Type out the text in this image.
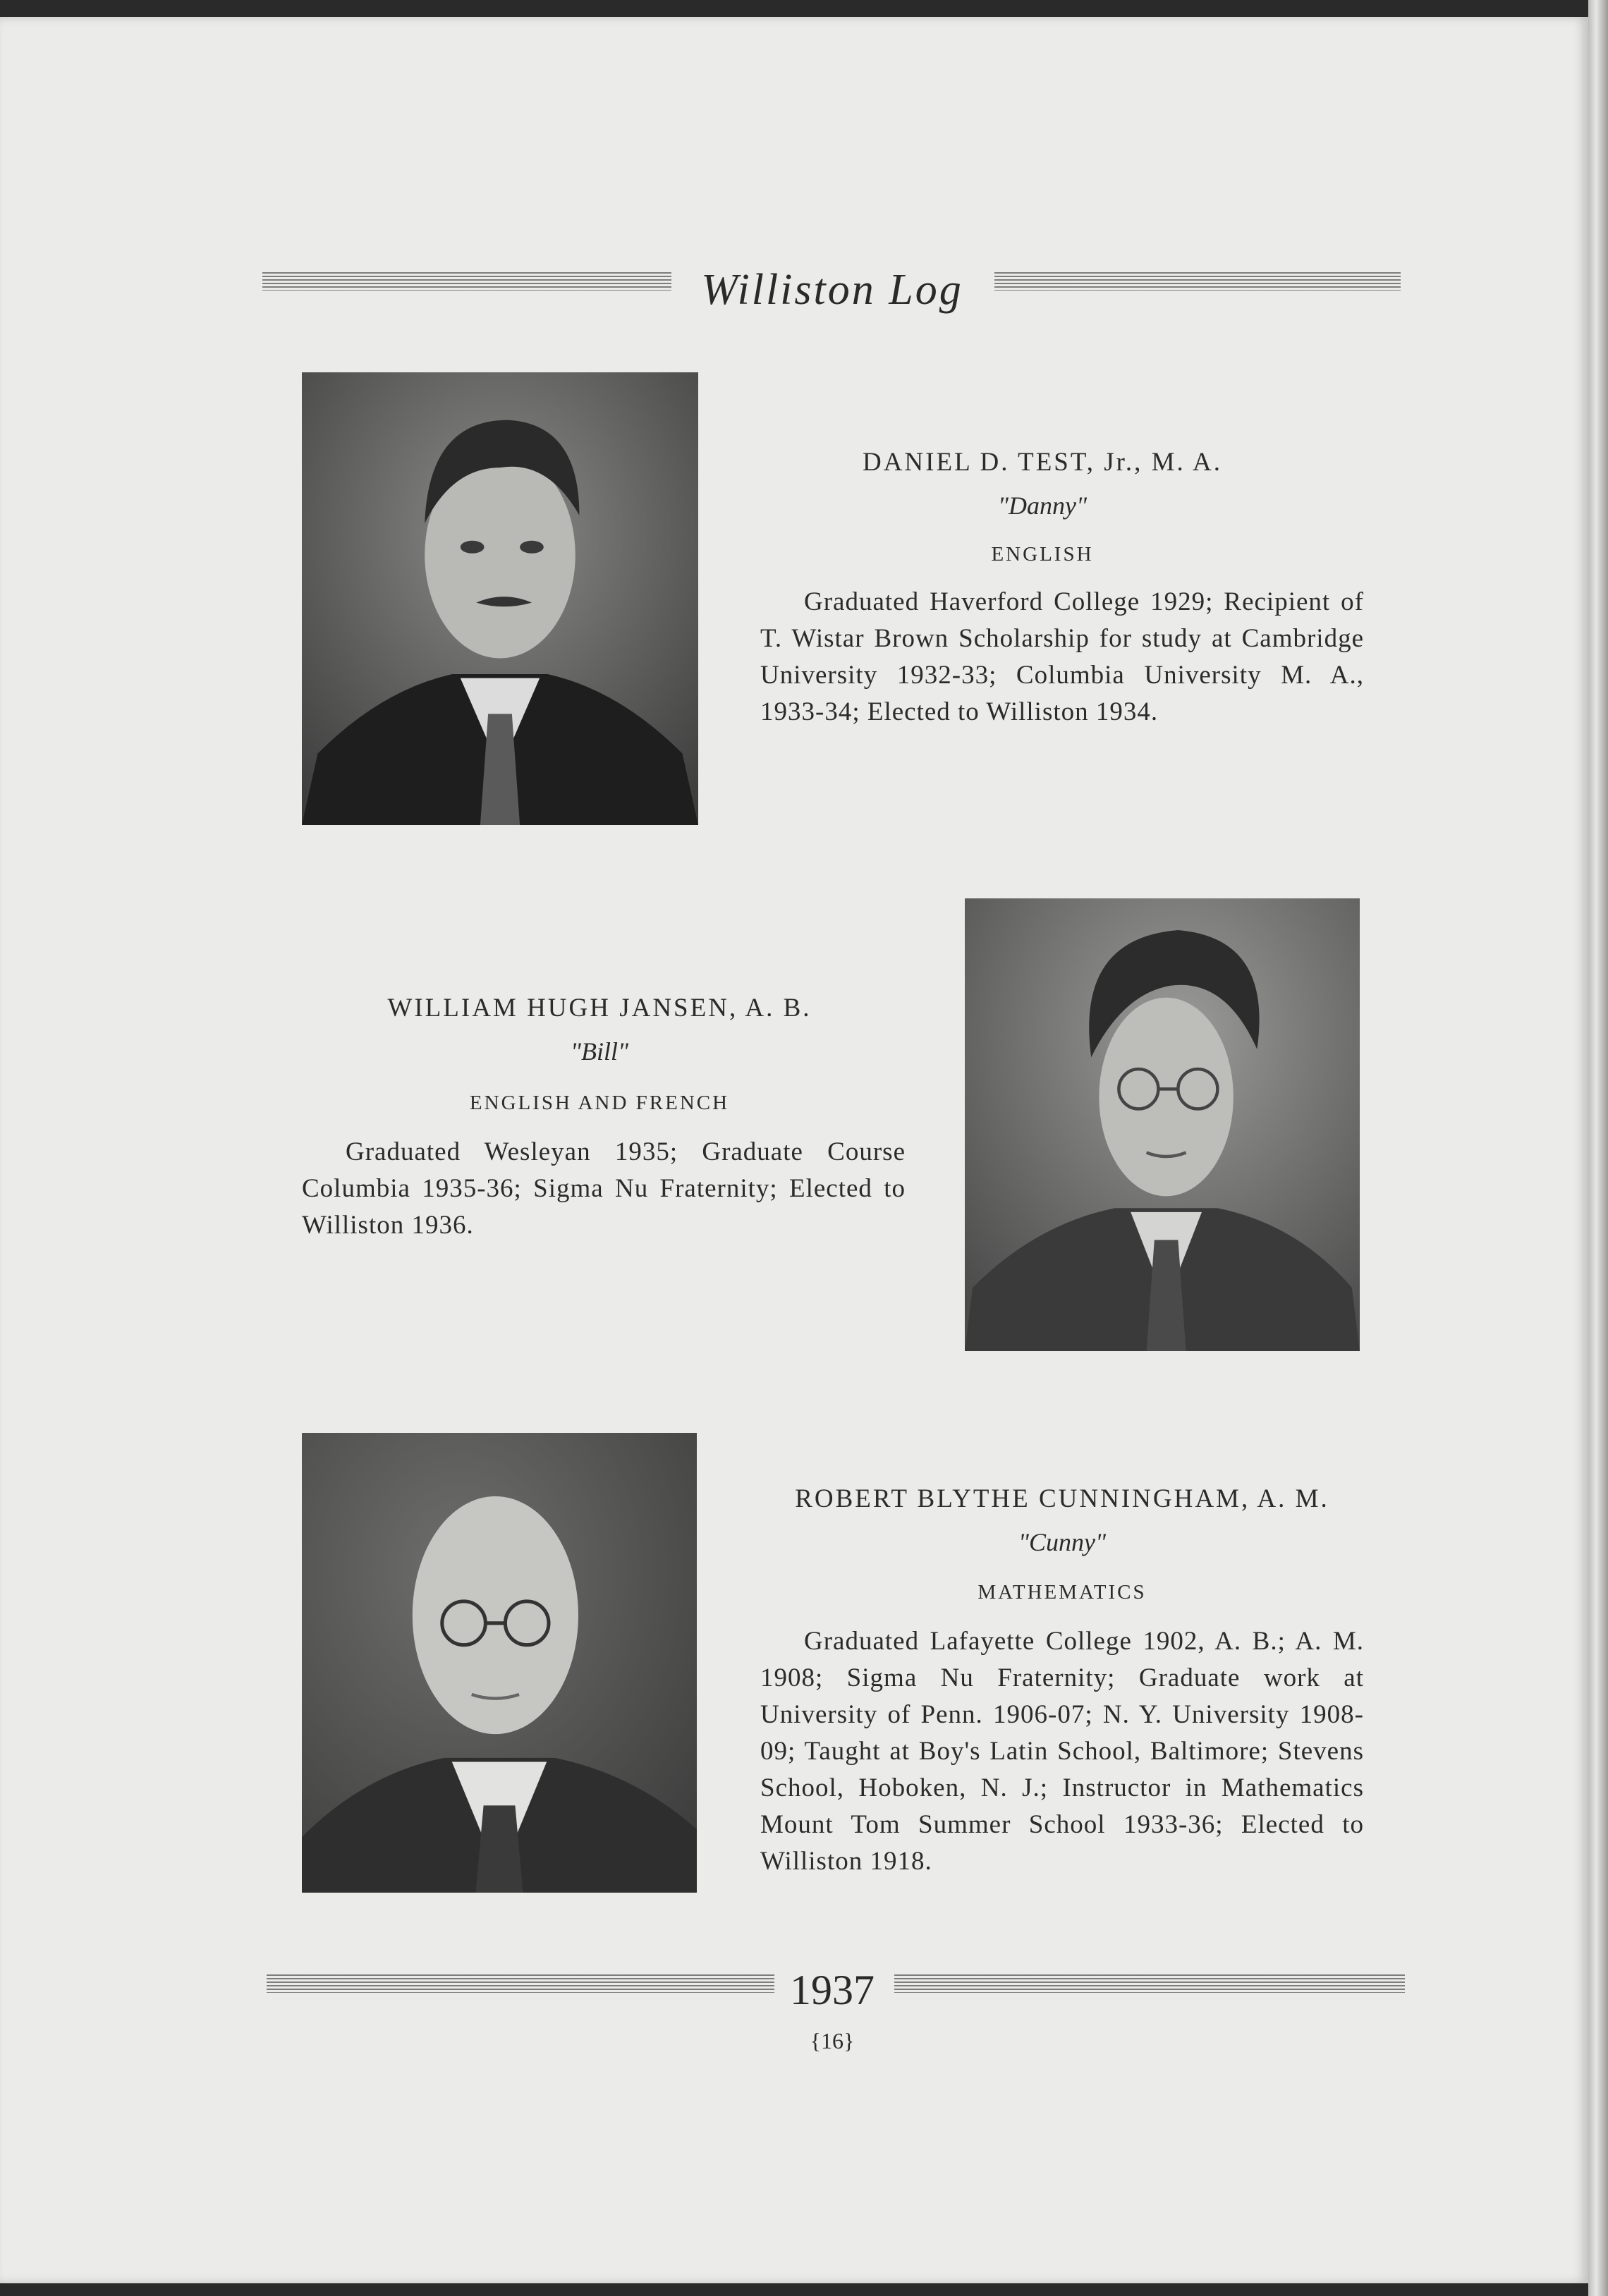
Williston Log
DANIEL D. TEST, Jr., M. A.
"Danny"
ENGLISH
Graduated Haverford College 1929; Recipient of T. Wistar Brown Scholarship for study at Cambridge University 1932-33; Columbia University M. A., 1933-34; Elected to Williston 1934.
WILLIAM HUGH JANSEN, A. B.
"Bill"
ENGLISH AND FRENCH
Graduated Wesleyan 1935; Graduate Course Columbia 1935-36; Sigma Nu Fraternity; Elected to Williston 1936.
ROBERT BLYTHE CUNNINGHAM, A. M.
"Cunny"
MATHEMATICS
Graduated Lafayette College 1902, A. B.; A. M. 1908; Sigma Nu Fraternity; Graduate work at University of Penn. 1906-07; N. Y. University 1908-09; Taught at Boy's Latin School, Baltimore; Stevens School, Hoboken, N. J.; Instructor in Mathematics Mount Tom Summer School 1933-36; Elected to Williston 1918.
1937
{16}
